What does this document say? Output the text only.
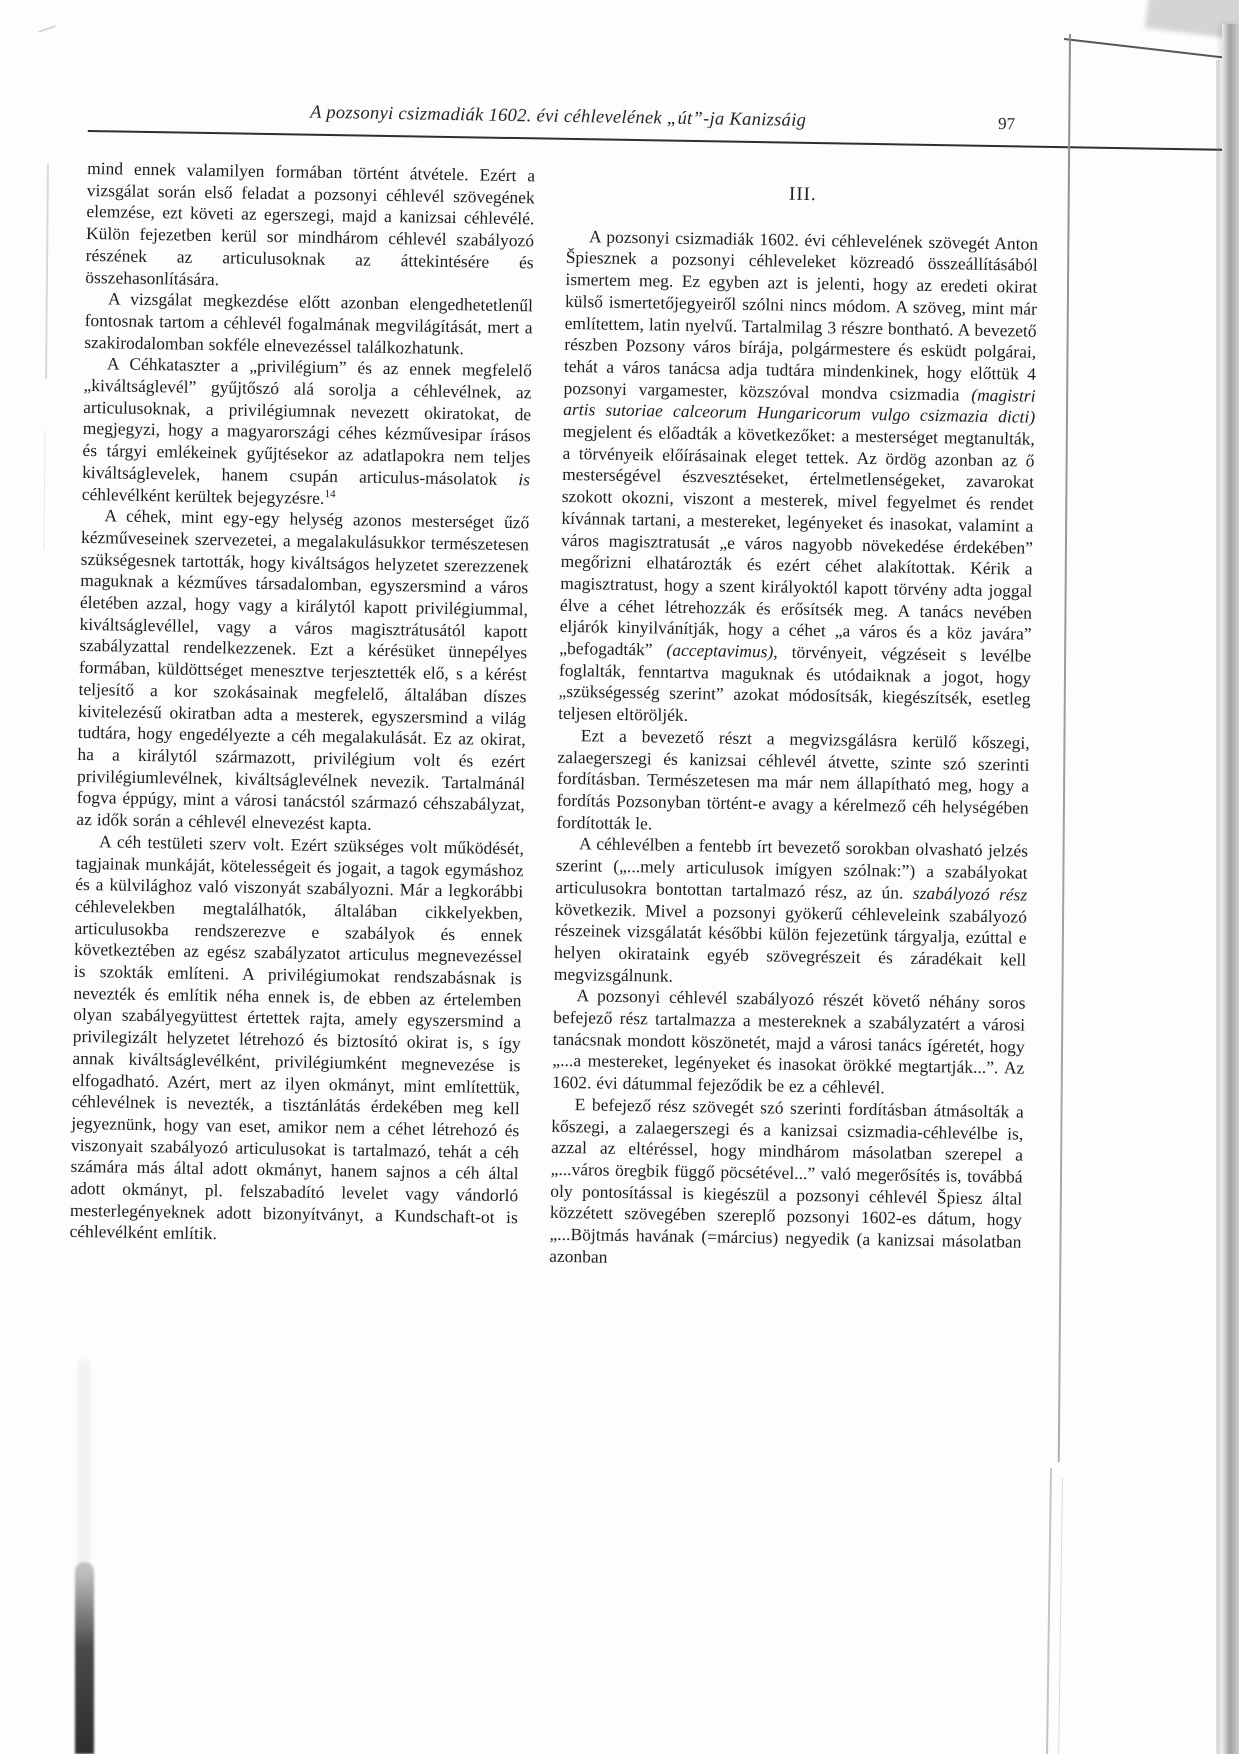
A pozsonyi csizmadiák 1602. évi céhlevelének „út”-ja Kanizsáig	97

mind ennek valamilyen formában történt átvétele. Ezért a vizsgálat során első feladat a pozsonyi céhlevél szövegének elemzése, ezt követi az egerszegi, majd a kanizsai céhlevélé. Külön fejezetben kerül sor mindhárom céhlevél szabályozó részének az articulusoknak az áttekintésére és összehasonlítására.

A vizsgálat megkezdése előtt azonban elengedhetetlenűl fontosnak tartom a céhlevél fogalmának megvilágítását, mert a szakirodalomban sokféle elnevezéssel találkozhatunk.

A Céhkataszter a „privilégium” és az ennek megfelelő „kiváltságlevél” gyűjtőszó alá sorolja a céhlevélnek, az articulusoknak, a privilégiumnak nevezett okiratokat, de megjegyzi, hogy a magyarországi céhes kézművesipar írásos és tárgyi emlékeinek gyűjtésekor az adatlapokra nem teljes kiváltságlevelek, hanem csupán articulus-másolatok is céhlevélként kerültek bejegyzésre.$^{14}$

A céhek, mint egy-egy helység azonos mesterséget űző kézműveseinek szervezetei, a megalakulásukkor természetesen szükségesnek tartották, hogy kiváltságos helyzetet szerezzenek maguknak a kézműves társadalomban, egyszersmind a város életében azzal, hogy vagy a királytól kapott privilégiummal, kiváltságlevéllel, vagy a város magisztrátusától kapott szabályzattal rendelkezzenek. Ezt a kérésüket ünnepélyes formában, küldöttséget menesztve terjesztették elő, s a kérést teljesítő a kor szokásainak megfelelő, általában díszes kivitelezésű okiratban adta a mesterek, egyszersmind a világ tudtára, hogy engedélyezte a céh megalakulását. Ez az okirat, ha a királytól származott, privilégium volt és ezért privilégiumlevélnek, kiváltságlevélnek nevezik. Tartalmánál fogva éppúgy, mint a városi tanácstól származó céhszabályzat, az idők során a céhlevél elnevezést kapta.

A céh testületi szerv volt. Ezért szükséges volt működését, tagjainak munkáját, kötelességeit és jogait, a tagok egymáshoz és a külvilághoz való viszonyát szabályozni. Már a legkorábbi céhlevelekben megtalálhatók, általában cikkelyekben, articulusokba rendszerezve e szabályok és ennek következtében az egész szabályzatot articulus megnevezéssel is szokták említeni. A privilégiumokat rendszabásnak is nevezték és említik néha ennek is, de ebben az értelemben olyan szabályegyüttest értettek rajta, amely egyszersmind a privilegizált helyzetet létrehozó és biztosító okirat is, s így annak kiváltságlevélként, privilégiumként megnevezése is elfogadható. Azért, mert az ilyen okmányt, mint említettük, céhlevélnek is nevezték, a tisztánlátás érdekében meg kell jegyeznünk, hogy van eset, amikor nem a céhet létrehozó és viszonyait szabályozó articulusokat is tartalmazó, tehát a céh számára más által adott okmányt, hanem sajnos a céh által adott okmányt, pl. felszabadító levelet vagy vándorló mesterlegényeknek adott bizonyítványt, a Kundschaft-ot is céhlevélként említik.

III.

A pozsonyi csizmadiák 1602. évi céhlevelének szövegét Anton Špiesznek a pozsonyi céhleveleket közreadó összeállításából ismertem meg. Ez egyben azt is jelenti, hogy az eredeti okirat külső ismertetőjegyeiről szólni nincs módom. A szöveg, mint már említettem, latin nyelvű. Tartalmilag 3 részre bontható. A bevezető részben Pozsony város bírája, polgármestere és esküdt polgárai, tehát a város tanácsa adja tudtára mindenkinek, hogy előttük 4 pozsonyi vargamester, közszóval mondva csizmadia (magistri artis sutoriae calceorum Hungaricorum vulgo csizmazia dicti) megjelent és előadták a következőket: a mesterséget megtanulták, a törvényeik előírásainak eleget tettek. Az ördög azonban az ő mesterségével észvesztéseket, értelmetlenségeket, zavarokat szokott okozni, viszont a mesterek, mivel fegyelmet és rendet kívánnak tartani, a mestereket, legényeket és inasokat, valamint a város magisztratusát „e város nagyobb növekedése érdekében” megőrizni elhatározták és ezért céhet alakítottak. Kérik a magisztratust, hogy a szent királyoktól kapott törvény adta joggal élve a céhet létrehozzák és erősítsék meg. A tanács nevében eljárók kinyilvánítják, hogy a céhet „a város és a köz javára” „befogadták” (acceptavimus), törvényeit, végzéseit s levélbe foglalták, fenntartva maguknak és utódaiknak a jogot, hogy „szükségesség szerint” azokat módosítsák, kiegészítsék, esetleg teljesen eltöröljék.

Ezt a bevezető részt a megvizsgálásra kerülő kőszegi, zalaegerszegi és kanizsai céhlevél átvette, szinte szó szerinti fordításban. Természetesen ma már nem állapítható meg, hogy a fordítás Pozsonyban történt-e avagy a kérelmező céh helységében fordították le.

A céhlevélben a fentebb írt bevezető sorokban olvasható jelzés szerint („...mely articulusok imígyen szólnak:”) a szabályokat articulusokra bontottan tartalmazó rész, az ún. szabályozó rész következik. Mivel a pozsonyi gyökerű céhleveleink szabályozó részeinek vizsgálatát későbbi külön fejezetünk tárgyalja, ezúttal e helyen okirataink egyéb szövegrészeit és záradékait kell megvizsgálnunk.

A pozsonyi céhlevél szabályozó részét követő néhány soros befejező rész tartalmazza a mestereknek a szabályzatért a városi tanácsnak mondott köszönetét, majd a városi tanács ígéretét, hogy „...a mestereket, legényeket és inasokat örökké megtartják...”. Az 1602. évi dátummal fejeződik be ez a céhlevél.

E befejező rész szövegét szó szerinti fordításban átmásolták a kőszegi, a zalaegerszegi és a kanizsai csizmadia-céhlevélbe is, azzal az eltéréssel, hogy mindhárom másolatban szerepel a „...város öregbik függő pöcsétével...” való megerősítés is, továbbá oly pontosítással is kiegészül a pozsonyi céhlevél Špiesz által közzétett szövegében szereplő pozsonyi 1602-es dátum, hogy „...Böjtmás havának (=március) negyedik (a kanizsai másolatban azonban
